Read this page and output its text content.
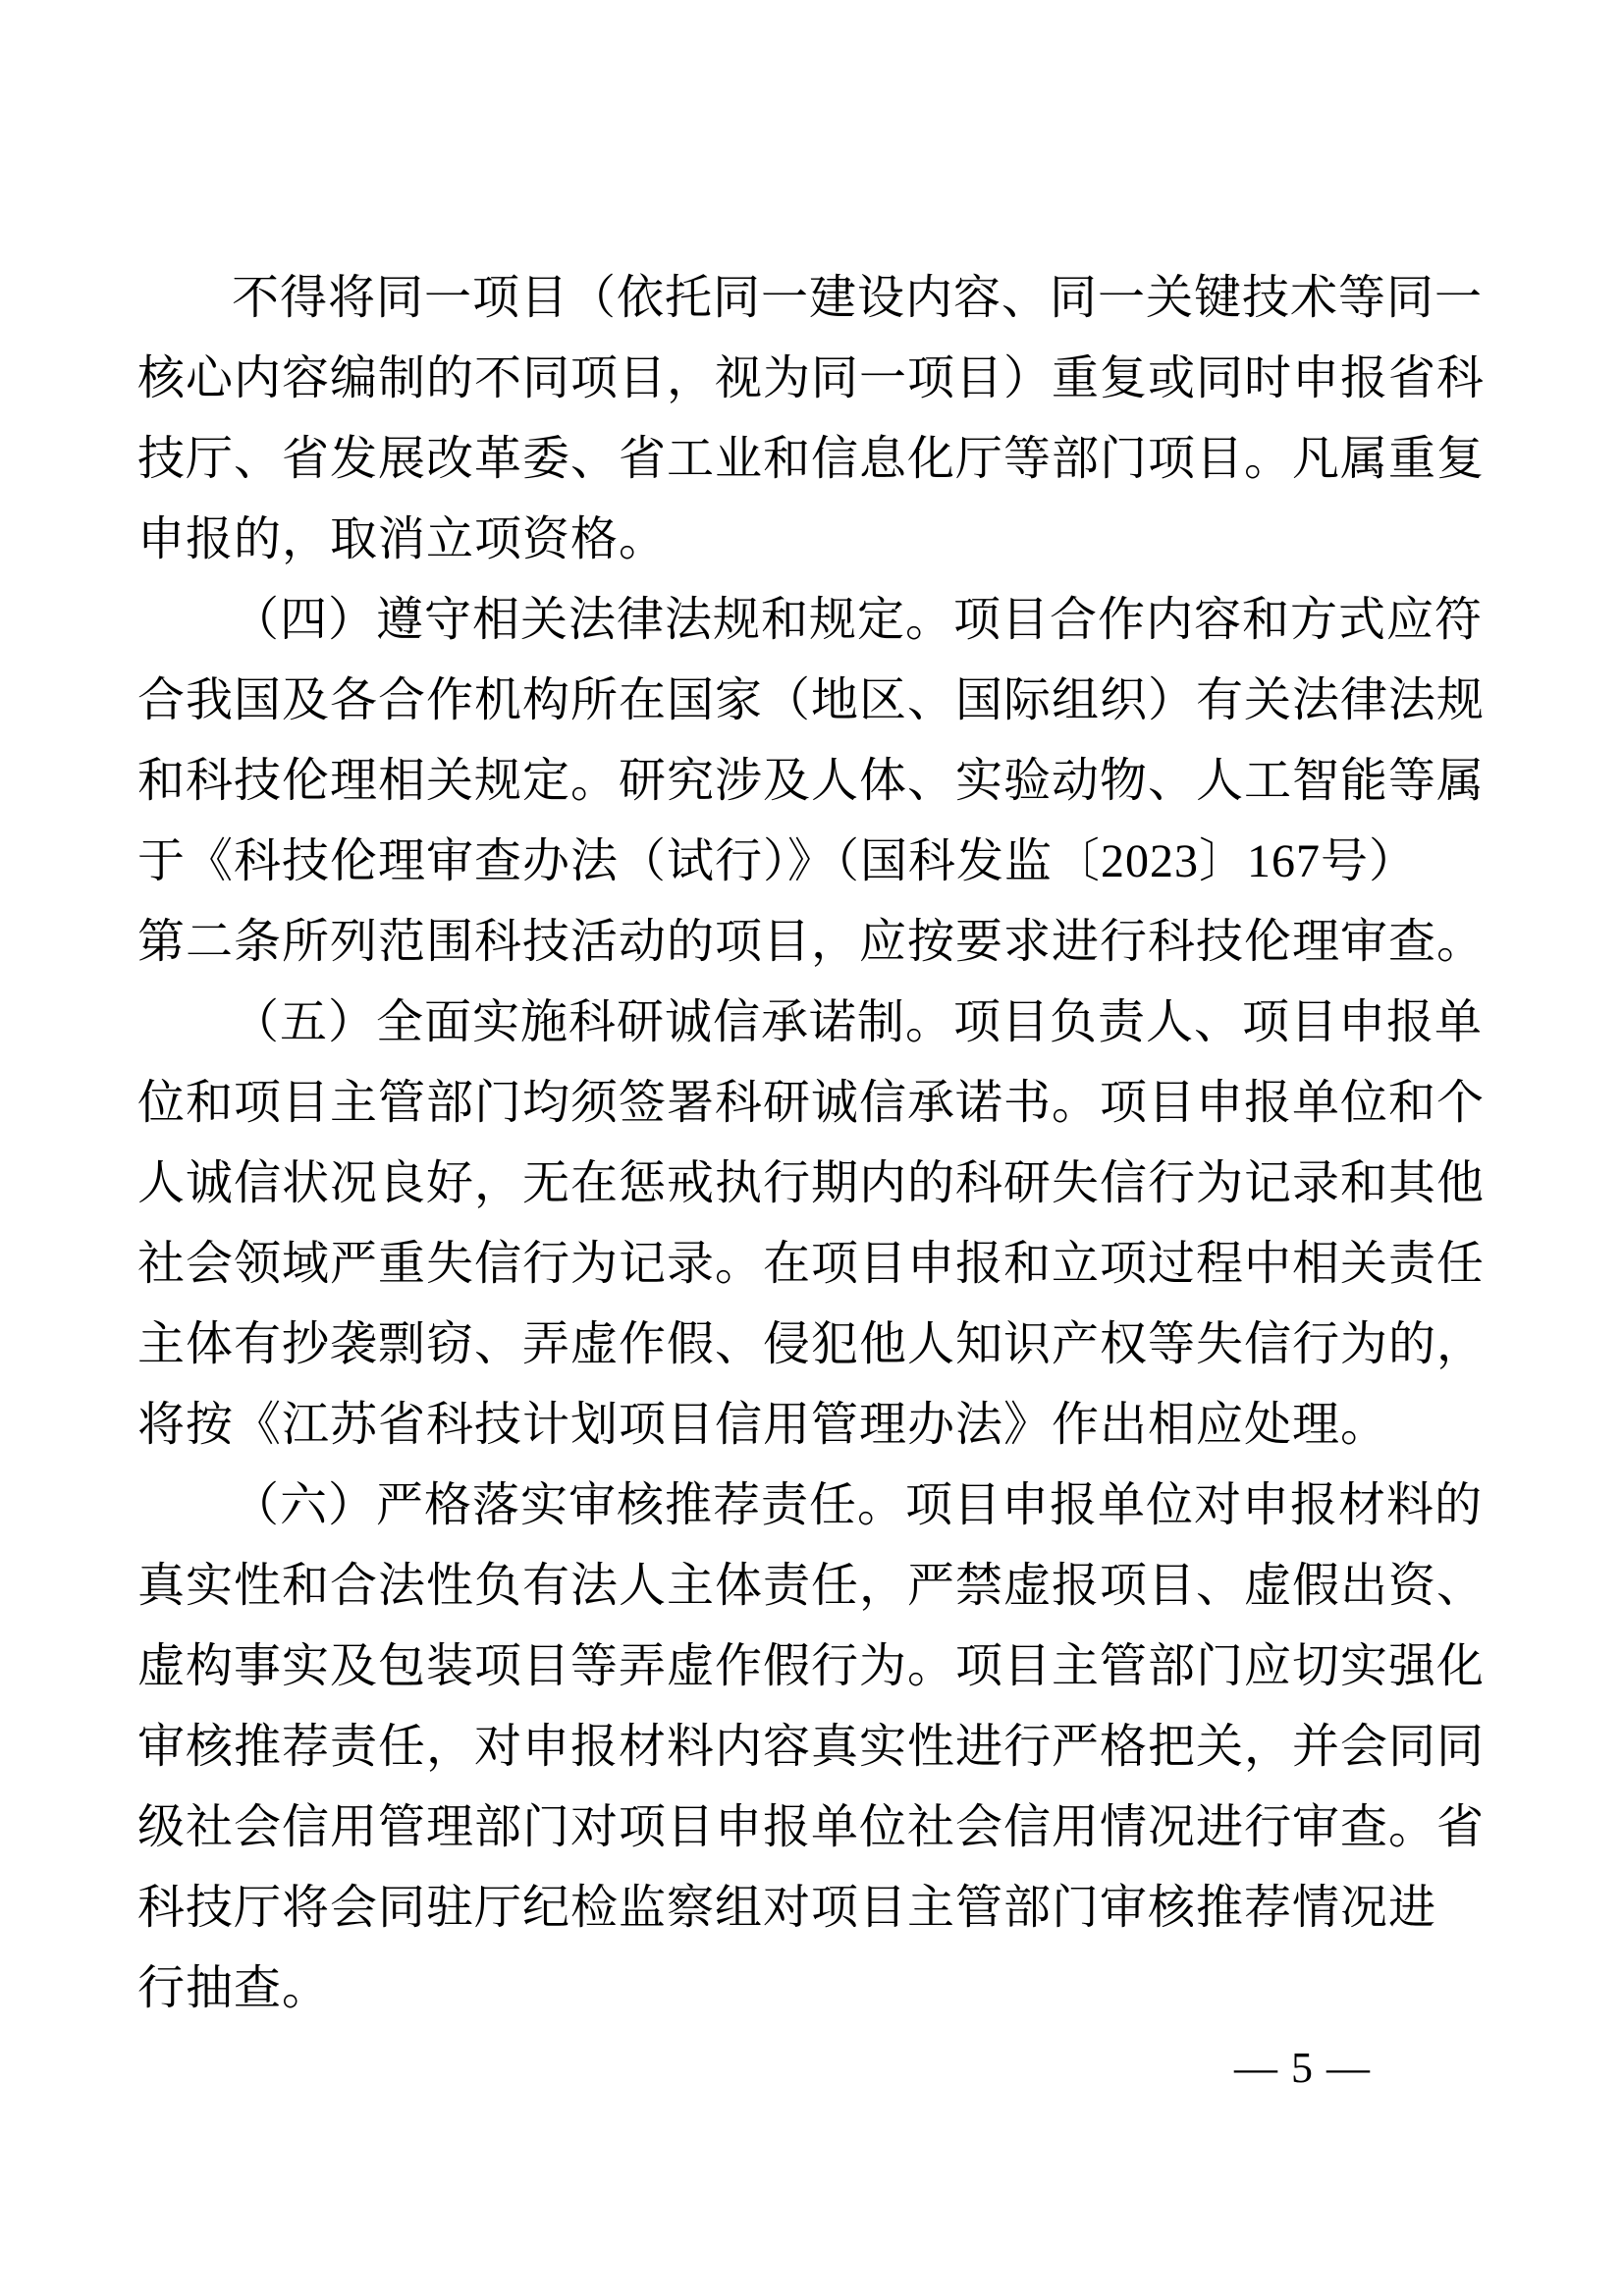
不得将同一项目（依托同一建设内容、同一关键技术等同一
核心内容编制的不同项目，视为同一项目）重复或同时申报省科
技厅、省发展改革委、省工业和信息化厅等部门项目。凡属重复
申报的，取消立项资格。
（四）遵守相关法律法规和规定。项目合作内容和方式应符
合我国及各合作机构所在国家（地区、国际组织）有关法律法规
和科技伦理相关规定。研究涉及人体、实验动物、人工智能等属
于《科技伦理审查办法（试行）》（国科发监〔2023〕167号）
第二条所列范围科技活动的项目，应按要求进行科技伦理审查。
（五）全面实施科研诚信承诺制。项目负责人、项目申报单
位和项目主管部门均须签署科研诚信承诺书。项目申报单位和个
人诚信状况良好，无在惩戒执行期内的科研失信行为记录和其他
社会领域严重失信行为记录。在项目申报和立项过程中相关责任
主体有抄袭剽窃、弄虚作假、侵犯他人知识产权等失信行为的，
将按《江苏省科技计划项目信用管理办法》作出相应处理。
（六）严格落实审核推荐责任。项目申报单位对申报材料的
真实性和合法性负有法人主体责任，严禁虚报项目、虚假出资、
虚构事实及包装项目等弄虚作假行为。项目主管部门应切实强化
审核推荐责任，对申报材料内容真实性进行严格把关，并会同同
级社会信用管理部门对项目申报单位社会信用情况进行审查。省
科技厅将会同驻厅纪检监察组对项目主管部门审核推荐情况进
行抽查。
— 5 —
